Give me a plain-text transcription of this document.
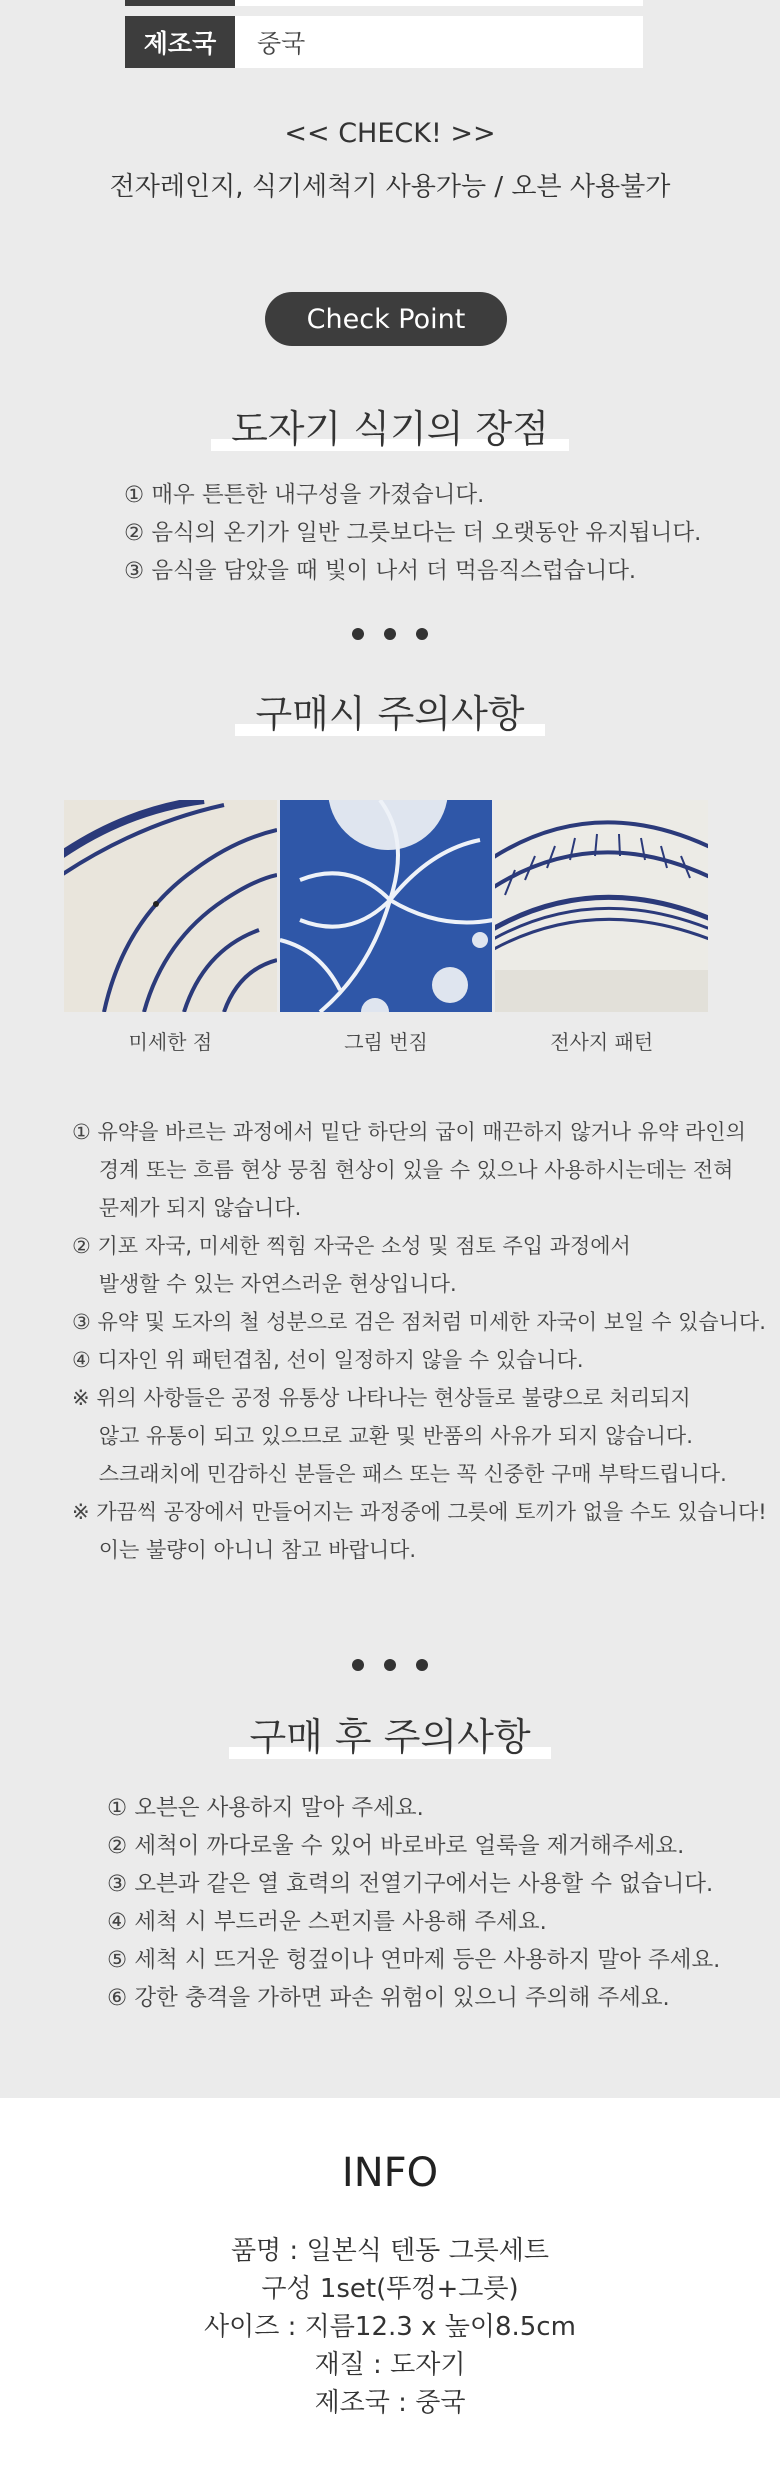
제조국	중국
<< CHECK! >>
전자레인지, 식기세척기 사용가능 / 오븐 사용불가
Check Point
도자기 식기의 장점
① 매우 튼튼한 내구성을 가졌습니다.
② 음식의 온기가 일반 그릇보다는 더 오랫동안 유지됩니다.
③ 음식을 담았을 때 빛이 나서 더 먹음직스럽습니다.
구매시 주의사항
미세한 점	그림 번짐	전사지 패턴
① 유약을 바르는 과정에서 밑단 하단의 굽이 매끈하지 않거나 유약 라인의
경계 또는 흐름 현상 뭉침 현상이 있을 수 있으나 사용하시는데는 전혀
문제가 되지 않습니다.
② 기포 자국, 미세한 찍힘 자국은 소성 및 점토 주입 과정에서
발생할 수 있는 자연스러운 현상입니다.
③ 유약 및 도자의 철 성분으로 검은 점처럼 미세한 자국이 보일 수 있습니다.
④ 디자인 위 패턴겹침, 선이 일정하지 않을 수 있습니다.
※ 위의 사항들은 공정 유통상 나타나는 현상들로 불량으로 처리되지
않고 유통이 되고 있으므로 교환 및 반품의 사유가 되지 않습니다.
스크래치에 민감하신 분들은 패스 또는 꼭 신중한 구매 부탁드립니다.
※ 가끔씩 공장에서 만들어지는 과정중에 그릇에 토끼가 없을 수도 있습니다!
이는 불량이 아니니 참고 바랍니다.
구매 후 주의사항
① 오븐은 사용하지 말아 주세요.
② 세척이 까다로울 수 있어 바로바로 얼룩을 제거해주세요.
③ 오븐과 같은 열 효력의 전열기구에서는 사용할 수 없습니다.
④ 세척 시 부드러운 스펀지를 사용해 주세요.
⑤ 세척 시 뜨거운 헝겊이나 연마제 등은 사용하지 말아 주세요.
⑥ 강한 충격을 가하면 파손 위험이 있으니 주의해 주세요.
INFO
품명 : 일본식 텐동 그릇세트
구성 1set(뚜껑+그릇)
사이즈 : 지름12.3 x 높이8.5cm
재질 : 도자기
제조국 : 중국
